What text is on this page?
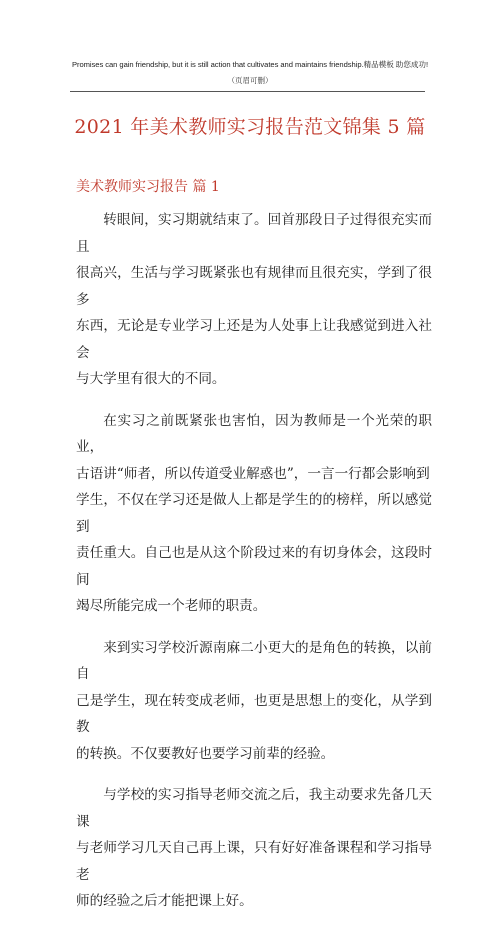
Promises can gain friendship, but it is still action that cultivates and maintains friendship.精品模板 助您成功!
（页眉可删）
2021 年美术教师实习报告范文锦集 5 篇
美术教师实习报告 篇 1

转眼间，实习期就结束了。回首那段日子过得很充实而且
很高兴，生活与学习既紧张也有规律而且很充实，学到了很多
东西，无论是专业学习上还是为人处事上让我感觉到进入社会
与大学里有很大的不同。

在实习之前既紧张也害怕，因为教师是一个光荣的职业，
古语讲“师者，所以传道受业解惑也”，一言一行都会影响到
学生，不仅在学习还是做人上都是学生的的榜样，所以感觉到
责任重大。自己也是从这个阶段过来的有切身体会，这段时间
竭尽所能完成一个老师的职责。

来到实习学校沂源南麻二小更大的是角色的转换，以前自
己是学生，现在转变成老师，也更是思想上的变化，从学到教
的转换。不仅要教好也要学习前辈的经验。

与学校的实习指导老师交流之后，我主动要求先备几天课
与老师学习几天自己再上课，只有好好准备课程和学习指导老
师的经验之后才能把课上好。
